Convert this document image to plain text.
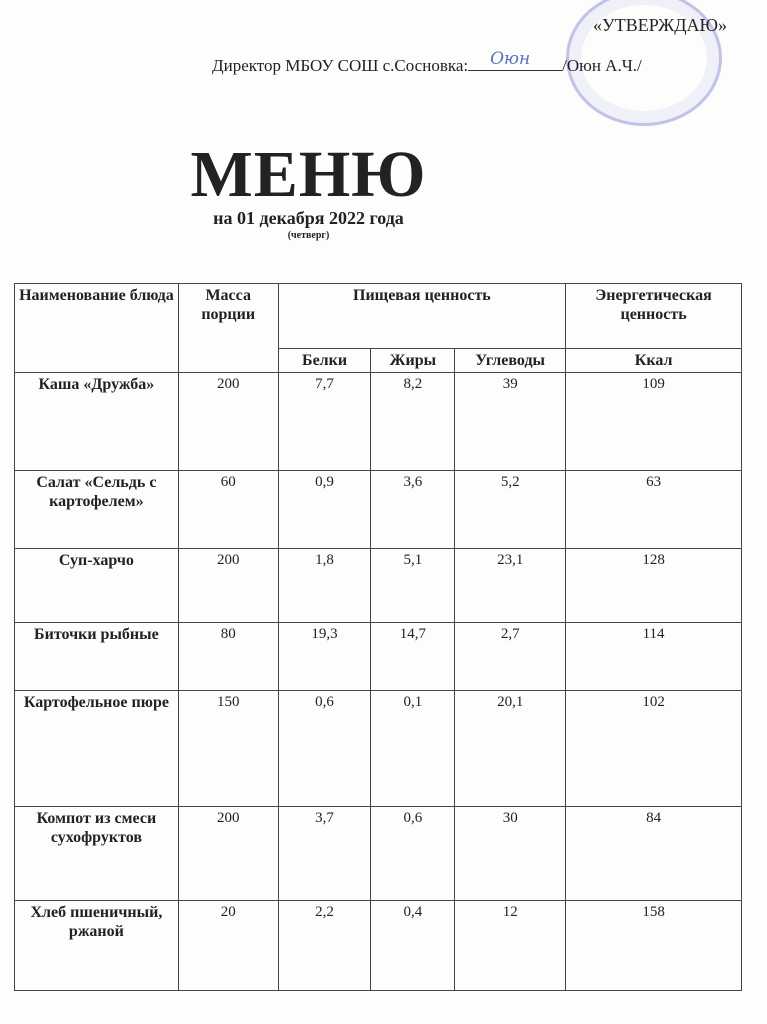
«УТВЕРЖДАЮ»
Директор МБОУ СОШ с.Сосновка: Оюн /Оюн А.Ч./
МЕНЮ
на 01 декабря 2022 года
(четверг)
Наименование блюда	Масса порции	Пищевая ценность			Энергетическая ценность
		Белки	Жиры	Углеводы	Ккал
Каша «Дружба»	200	7,7	8,2	39	109
Салат «Сельдь с картофелем»	60	0,9	3,6	5,2	63
Суп-харчо	200	1,8	5,1	23,1	128
Биточки рыбные	80	19,3	14,7	2,7	114
Картофельное пюре	150	0,6	0,1	20,1	102
Компот из смеси сухофруктов	200	3,7	0,6	30	84
Хлеб пшеничный, ржаной	20	2,2	0,4	12	158
